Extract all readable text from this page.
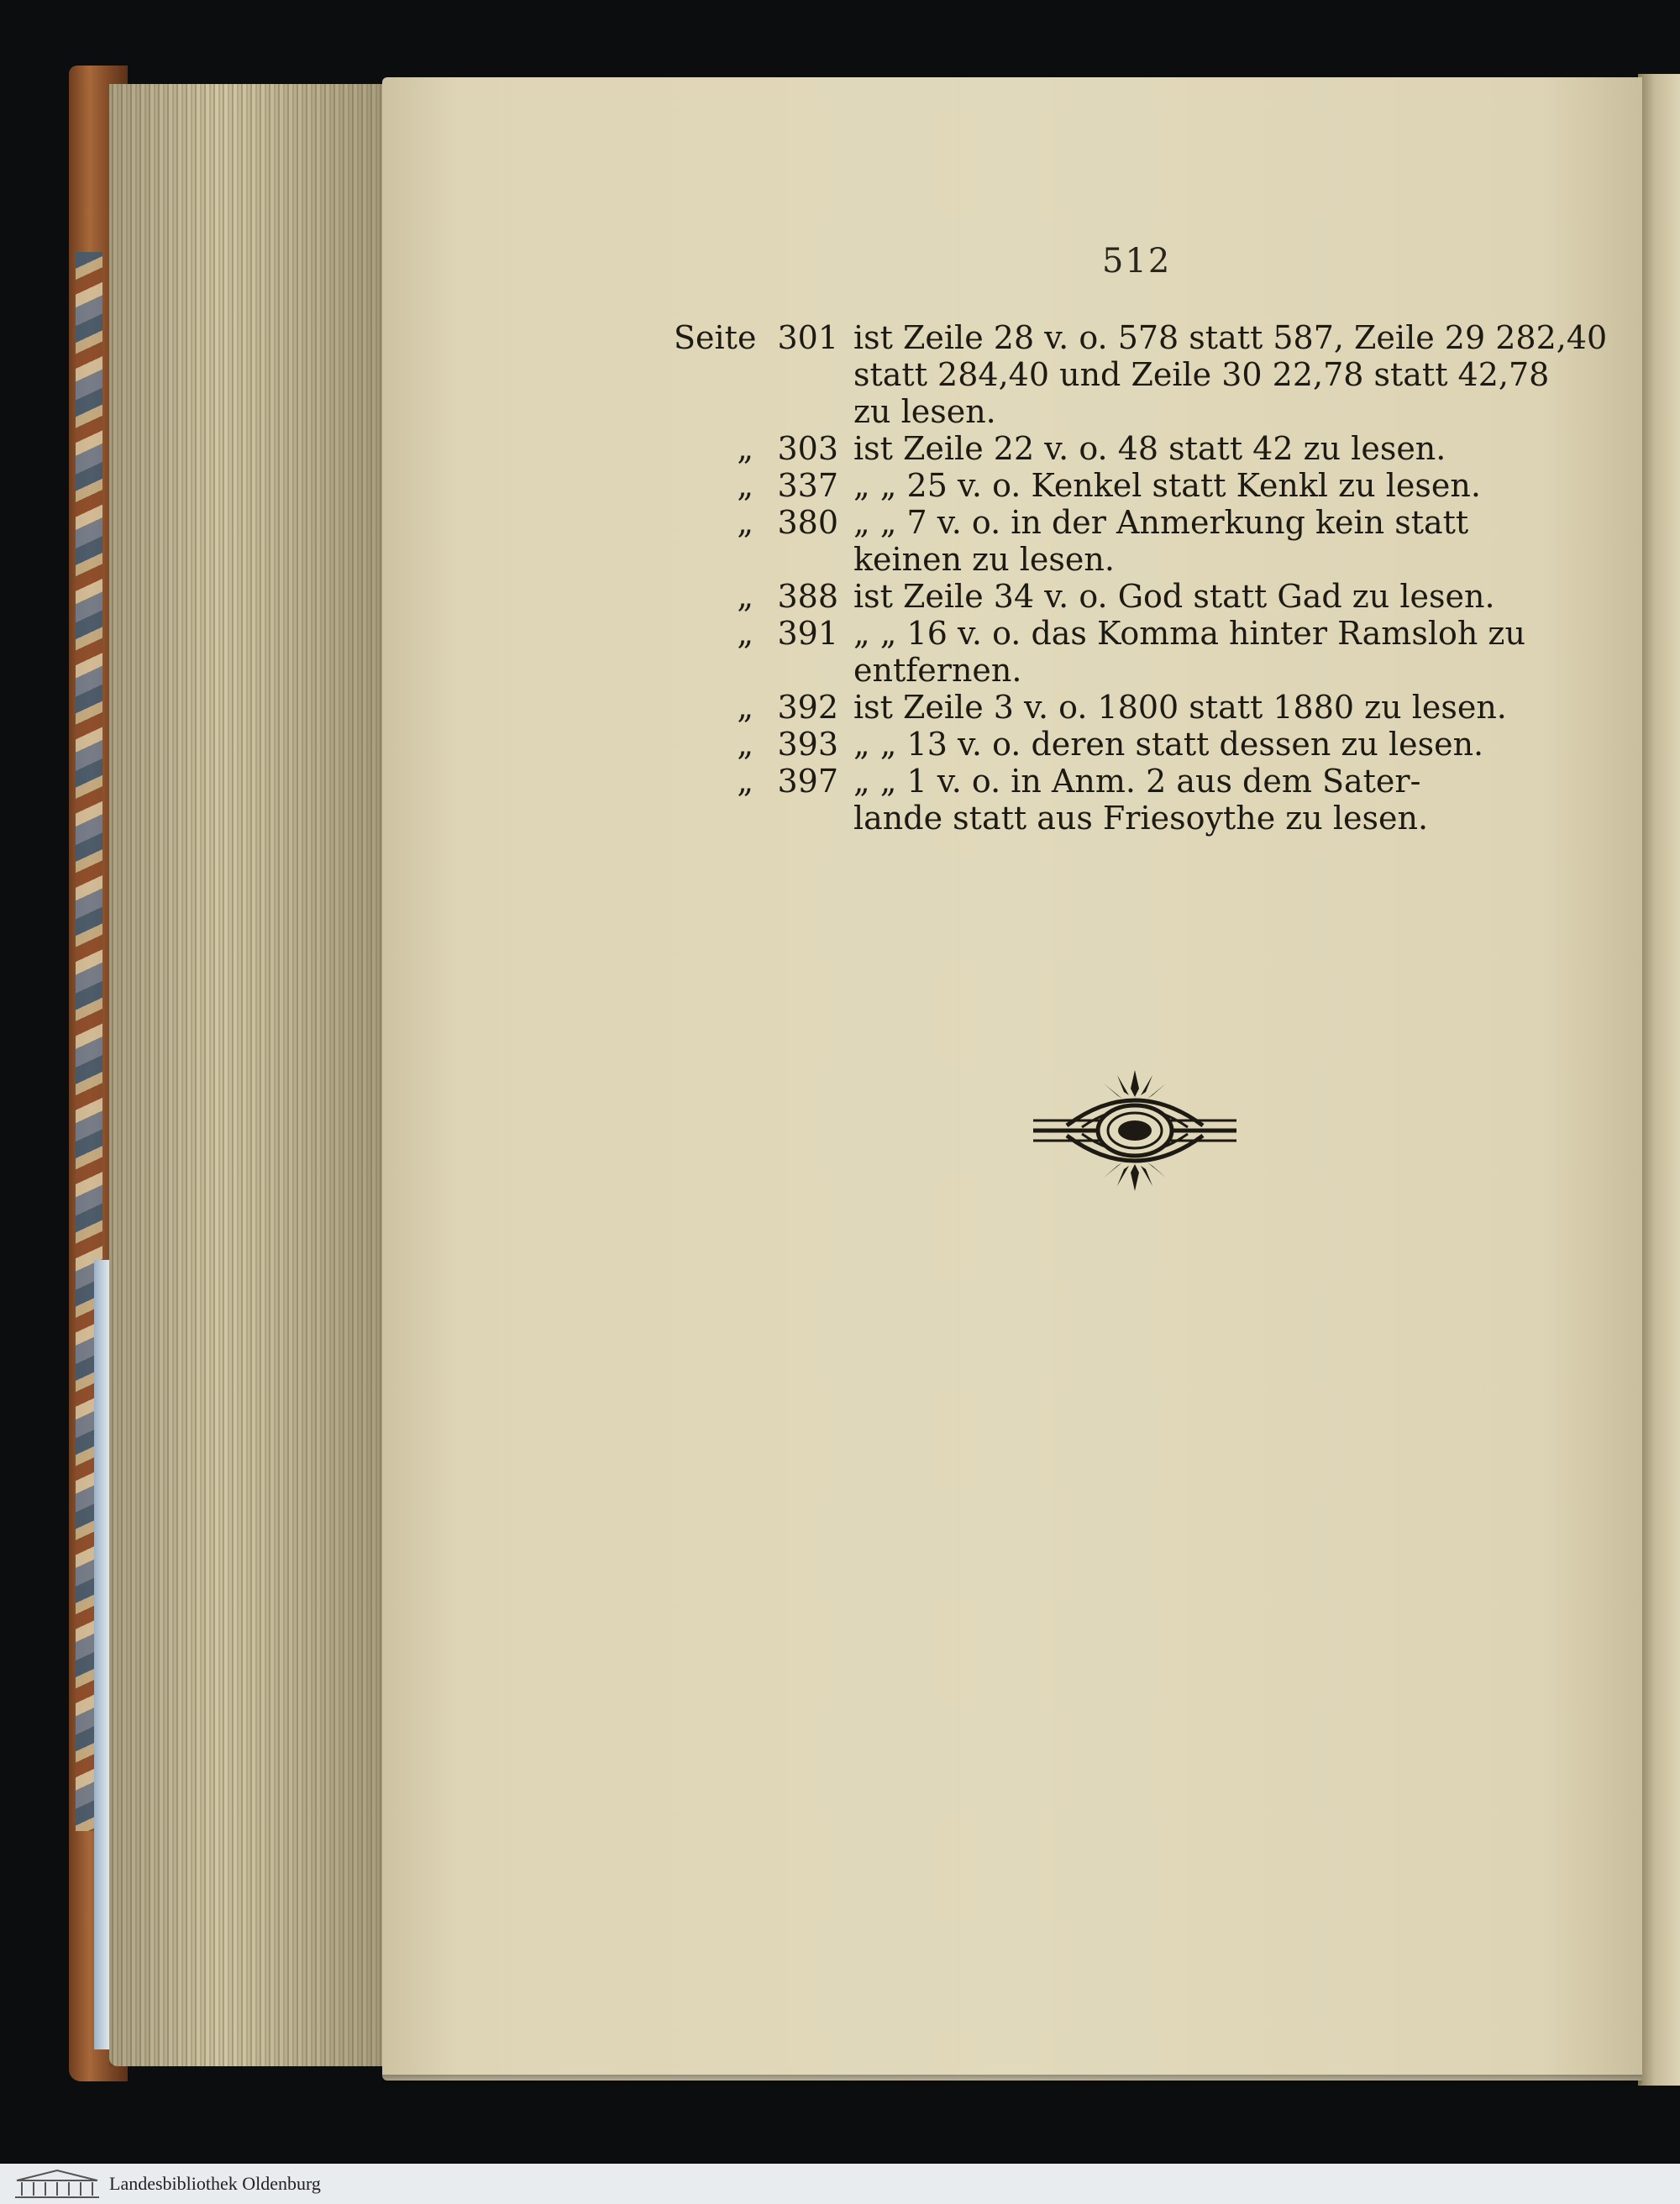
512
Seite 301 ist Zeile 28 v. o. 578 statt 587, Zeile 29 282,40
statt 284,40 und Zeile 30 22,78 statt 42,78
zu lesen.
„ 303 ist Zeile 22 v. o. 48 statt 42 zu lesen.
„ 337 „ „ 25 v. o. Kenkel statt Kenkl zu lesen.
„ 380 „ „ 7 v. o. in der Anmerkung kein statt
keinen zu lesen.
„ 388 ist Zeile 34 v. o. God statt Gad zu lesen.
„ 391 „ „ 16 v. o. das Komma hinter Ramsloh zu
entfernen.
„ 392 ist Zeile 3 v. o. 1800 statt 1880 zu lesen.
„ 393 „ „ 13 v. o. deren statt dessen zu lesen.
„ 397 „ „ 1 v. o. in Anm. 2 aus dem Sater-
lande statt aus Friesoythe zu lesen.
Landesbibliothek Oldenburg
